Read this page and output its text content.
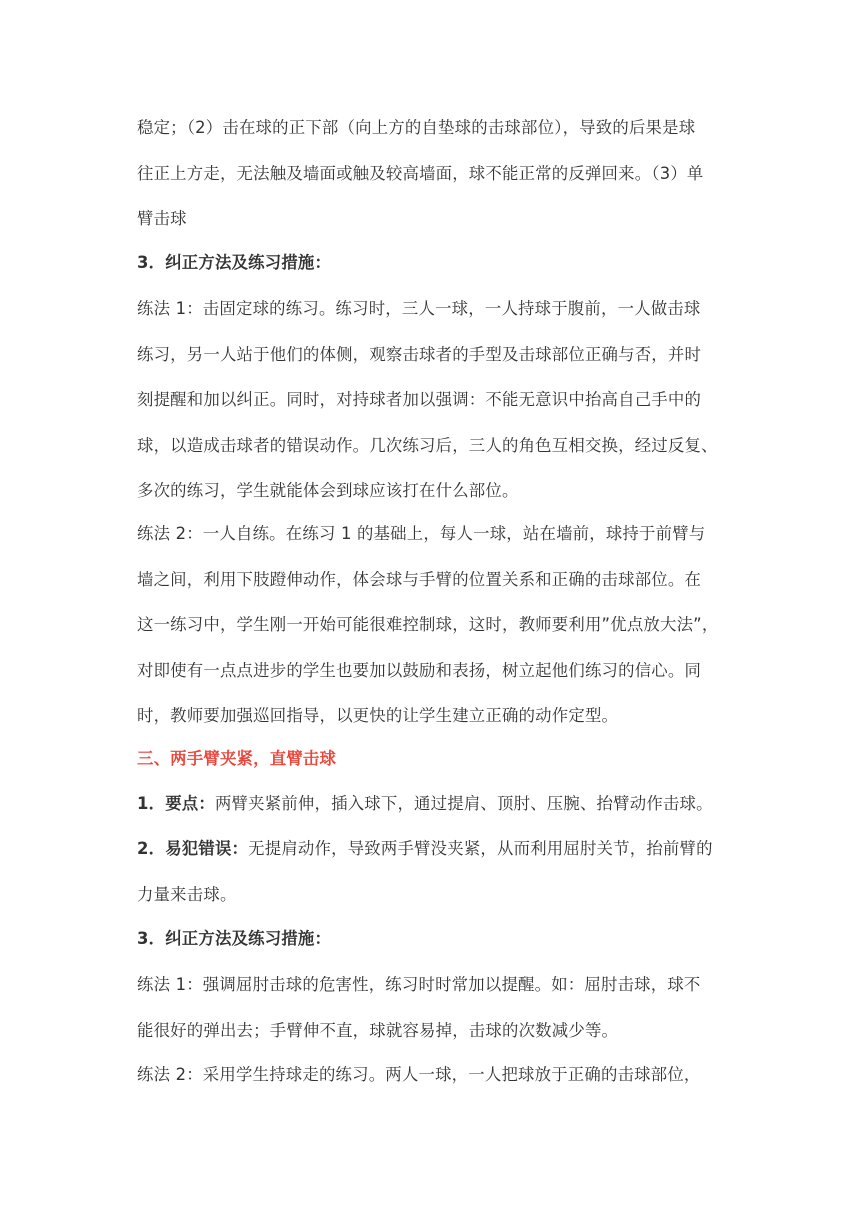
稳定；（2）击在球的正下部（向上方的自垫球的击球部位），导致的后果是球
往正上方走，无法触及墙面或触及较高墙面，球不能正常的反弹回来。（3）单
臂击球
3．纠正方法及练习措施：
练法 1：击固定球的练习。练习时，三人一球，一人持球于腹前，一人做击球
练习，另一人站于他们的体侧，观察击球者的手型及击球部位正确与否，并时
刻提醒和加以纠正。同时，对持球者加以强调：不能无意识中抬高自己手中的
球，以造成击球者的错误动作。几次练习后，三人的角色互相交换，经过反复、
多次的练习，学生就能体会到球应该打在什么部位。
练法 2：一人自练。在练习 1 的基础上，每人一球，站在墙前，球持于前臂与
墙之间，利用下肢蹬伸动作，体会球与手臂的位置关系和正确的击球部位。在
这一练习中，学生刚一开始可能很难控制球，这时，教师要利用”优点放大法”，
对即使有一点点进步的学生也要加以鼓励和表扬，树立起他们练习的信心。同
时，教师要加强巡回指导，以更快的让学生建立正确的动作定型。
三、两手臂夹紧，直臂击球
1．要点：两臂夹紧前伸，插入球下，通过提肩、顶肘、压腕、抬臂动作击球。
2．易犯错误：无提肩动作，导致两手臂没夹紧，从而利用屈肘关节，抬前臂的
力量来击球。
3．纠正方法及练习措施：
练法 1：强调屈肘击球的危害性，练习时时常加以提醒。如：屈肘击球，球不
能很好的弹出去；手臂伸不直，球就容易掉，击球的次数减少等。
练法 2：采用学生持球走的练习。两人一球，一人把球放于正确的击球部位，
